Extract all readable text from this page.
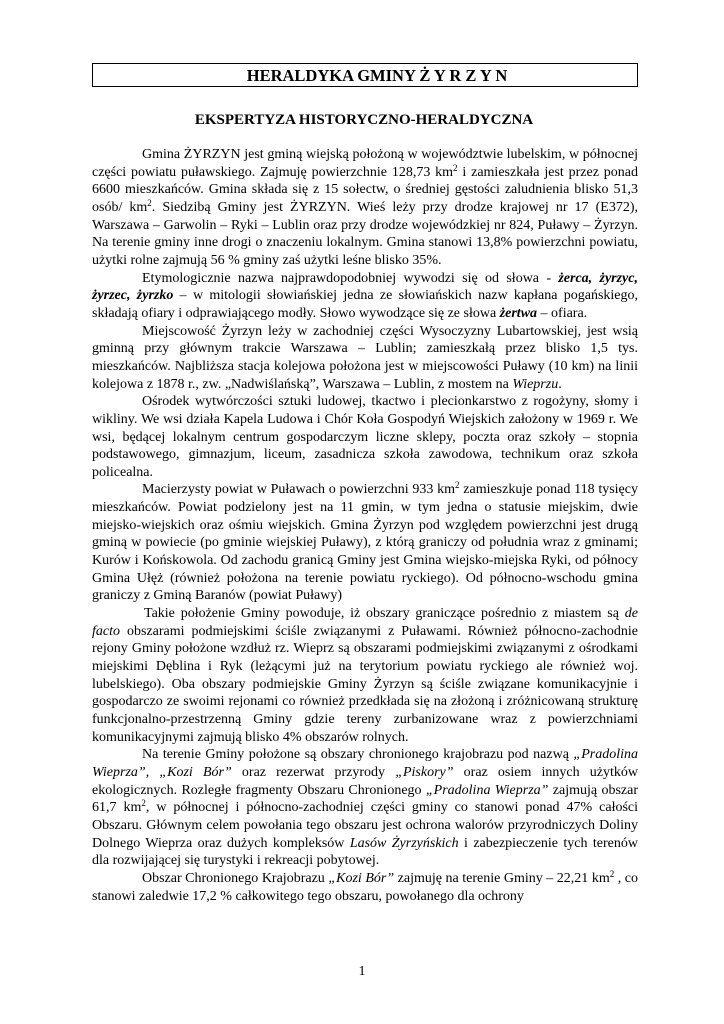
HERALDYKA GMINY Ż Y R Z Y N
EKSPERTYZA HISTORYCZNO-HERALDYCZNA

Gmina ŻYRZYN jest gminą wiejską położoną w województwie lubelskim, w północnej części powiatu puławskiego. Zajmuję powierzchnie 128,73 $km^2$ i zamieszkała jest przez ponad 6600 mieszkańców. Gmina składa się z 15 sołectw, o średniej gęstości zaludnienia blisko 51,3 osób/ $km^2$. Siedzibą Gminy jest ŻYRZYN. Wieś leży przy drodze krajowej nr 17 (E372), Warszawa – Garwolin – Ryki – Lublin oraz przy drodze wojewódzkiej nr 824, Puławy – Żyrzyn. Na terenie gminy inne drogi o znaczeniu lokalnym. Gmina stanowi 13,8% powierzchni powiatu, użytki rolne zajmują 56 % gminy zaś użytki leśne blisko 35%.

Etymologicznie nazwa najprawdopodobniej wywodzi się od słowa - żerca, żyrzyc, żyrzec, żyrzko – w mitologii słowiańskiej jedna ze słowiańskich nazw kapłana pogańskiego, składają ofiary i odprawiającego modły. Słowo wywodzące się ze słowa żertwa – ofiara.

Miejscowość Żyrzyn leży w zachodniej części Wysoczyzny Lubartowskiej, jest wsią gminną przy głównym trakcie Warszawa – Lublin; zamieszkałą przez blisko 1,5 tys. mieszkańców. Najbliższa stacja kolejowa położona jest w miejscowości Puławy (10 km) na linii kolejowa z 1878 r., zw. „Nadwiślańską”, Warszawa – Lublin, z mostem na Wieprzu.

Ośrodek wytwórczości sztuki ludowej, tkactwo i plecionkarstwo z rogożyny, słomy i wikliny. We wsi działa Kapela Ludowa i Chór Koła Gospodyń Wiejskich założony w 1969 r. We wsi, będącej lokalnym centrum gospodarczym liczne sklepy, poczta oraz szkoły – stopnia podstawowego, gimnazjum, liceum, zasadnicza szkoła zawodowa, technikum oraz szkoła policealna.

Macierzysty powiat w Puławach o powierzchni 933 $km^2$ zamieszkuje ponad 118 tysięcy mieszkańców. Powiat podzielony jest na 11 gmin, w tym jedna o statusie miejskim, dwie miejsko-wiejskich oraz ośmiu wiejskich. Gmina Żyrzyn pod względem powierzchni jest drugą gminą w powiecie (po gminie wiejskiej Puławy), z którą graniczy od południa wraz z gminami; Kurów i Końskowola. Od zachodu granicą Gminy jest Gmina wiejsko-miejska Ryki, od północy Gmina Ułęż (również położona na terenie powiatu ryckiego). Od północno-wschodu gmina graniczy z Gminą Baranów (powiat Puławy)

Takie położenie Gminy powoduje, iż obszary graniczące pośrednio z miastem są de facto obszarami podmiejskimi ściśle związanymi z Puławami. Również północno-zachodnie rejony Gminy położone wzdłuż rz. Wieprz są obszarami podmiejskimi związanymi z ośrodkami miejskimi Dęblina i Ryk (leżącymi już na terytorium powiatu ryckiego ale również woj. lubelskiego). Oba obszary podmiejskie Gminy Żyrzyn są ściśle związane komunikacyjnie i gospodarczo ze swoimi rejonami co również przedkłada się na złożoną i zróżnicowaną strukturę funkcjonalno-przestrzenną Gminy gdzie tereny zurbanizowane wraz z powierzchniami komunikacyjnymi zajmują blisko 4% obszarów rolnych.

Na terenie Gminy położone są obszary chronionego krajobrazu pod nazwą „Pradolina Wieprza”, „Kozi Bór” oraz rezerwat przyrody „Piskory” oraz osiem innych użytków ekologicznych. Rozległe fragmenty Obszaru Chronionego „Pradolina Wieprza” zajmują obszar 61,7 $km^2$, w północnej i północno-zachodniej części gminy co stanowi ponad 47% całości Obszaru. Głównym celem powołania tego obszaru jest ochrona walorów przyrodniczych Doliny Dolnego Wieprza oraz dużych kompleksów Lasów Żyrzyńskich i zabezpieczenie tych terenów dla rozwijającej się turystyki i rekreacji pobytowej.

Obszar Chronionego Krajobrazu „Kozi Bór” zajmuję na terenie Gminy – 22,21 $km^2$ , co stanowi zaledwie 17,2 % całkowitego tego obszaru, powołanego dla ochrony

1
